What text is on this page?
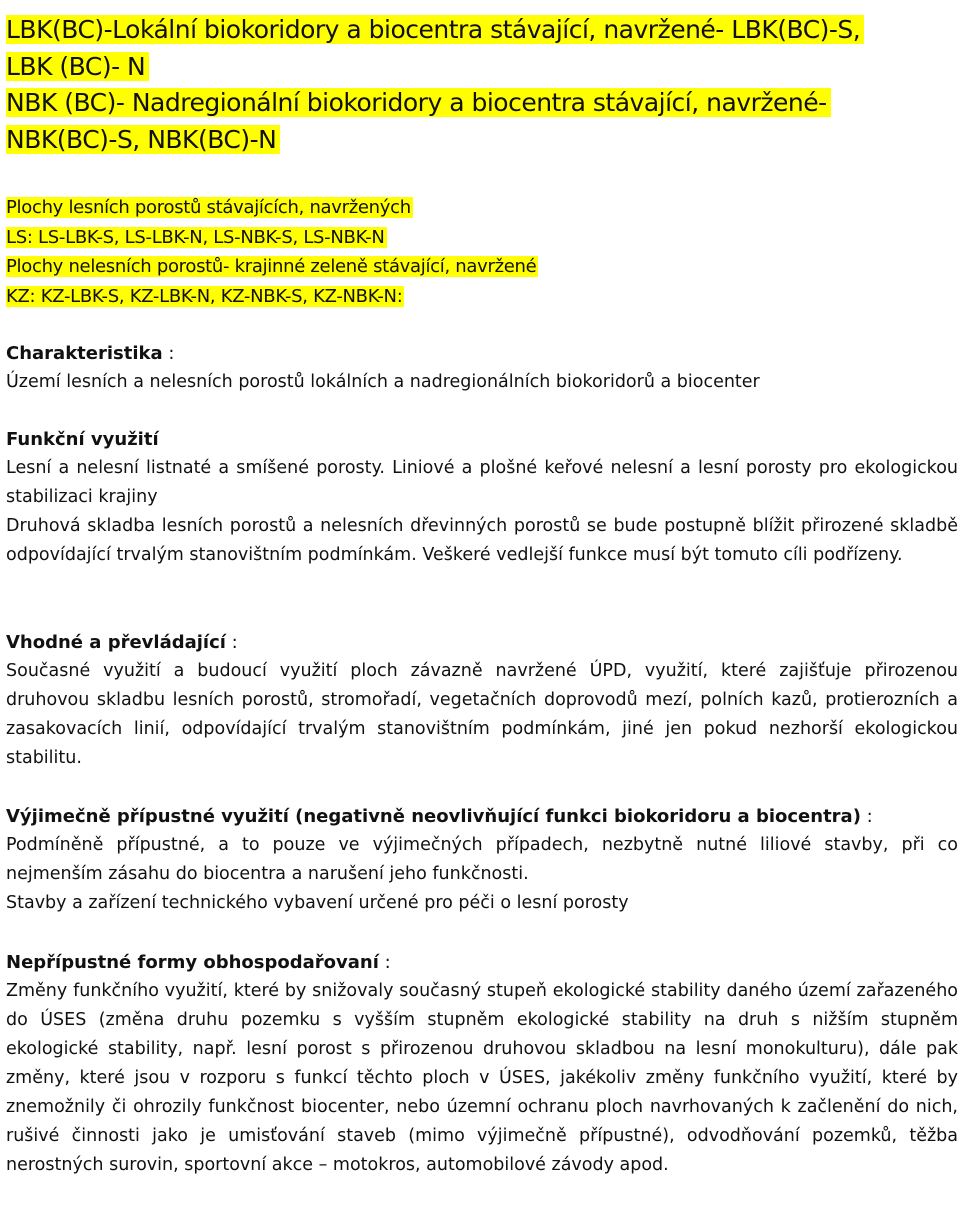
LBK(BC)-Lokální biokoridory a biocentra stávající, navržené- LBK(BC)-S,
LBK (BC)- N
NBK (BC)- Nadregionální biokoridory a biocentra stávající, navržené-
NBK(BC)-S, NBK(BC)-N
Plochy lesních porostů stávajících, navržených
LS: LS-LBK-S, LS-LBK-N, LS-NBK-S, LS-NBK-N
Plochy nelesních porostů- krajinné zeleně stávající, navržené
KZ: KZ-LBK-S, KZ-LBK-N, KZ-NBK-S, KZ-NBK-N:
Charakteristika :
Území lesních a nelesních porostů lokálních a nadregionálních biokoridorů a biocenter
Funkční využití
Lesní a nelesní listnaté a smíšené porosty. Liniové a plošné keřové nelesní a lesní porosty pro ekologickou stabilizaci krajiny
Druhová skladba lesních porostů a nelesních dřevinných porostů se bude postupně blížit přirozené skladbě odpovídající trvalým stanovištním podmínkám. Veškeré vedlejší funkce musí být tomuto cíli podřízeny.
Vhodné a převládající :
Současné využití a budoucí využití ploch závazně navržené ÚPD, využití, které zajišťuje přirozenou druhovou skladbu lesních porostů, stromořadí, vegetačních doprovodů mezí, polních kazů, protierozních a zasakovacích linií, odpovídající trvalým stanovištním podmínkám, jiné jen pokud nezhorší ekologickou stabilitu.
Výjimečně přípustné využití (negativně neovlivňující funkci biokoridoru a biocentra) :
Podmíněně přípustné, a to pouze ve výjimečných případech, nezbytně nutné liliové stavby, při co nejmenším zásahu do biocentra a narušení jeho funkčnosti.
Stavby a zařízení technického vybavení určené pro péči o lesní porosty
Nepřípustné formy obhospodařovaní :
Změny funkčního využití, které by snižovaly současný stupeň ekologické stability daného území zařazeného do ÚSES (změna druhu pozemku s vyšším stupněm ekologické stability na druh s nižším stupněm ekologické stability, např. lesní porost s přirozenou druhovou skladbou na lesní monokulturu), dále pak změny, které jsou v rozporu s funkcí těchto ploch v ÚSES, jakékoliv změny funkčního využití, které by znemožnily či ohrozily funkčnost biocenter, nebo územní ochranu ploch navrhovaných k začlenění do nich, rušivé činnosti jako je umisťování staveb (mimo výjimečně přípustné), odvodňování pozemků, těžba nerostných surovin, sportovní akce – motokros, automobilové závody apod.
